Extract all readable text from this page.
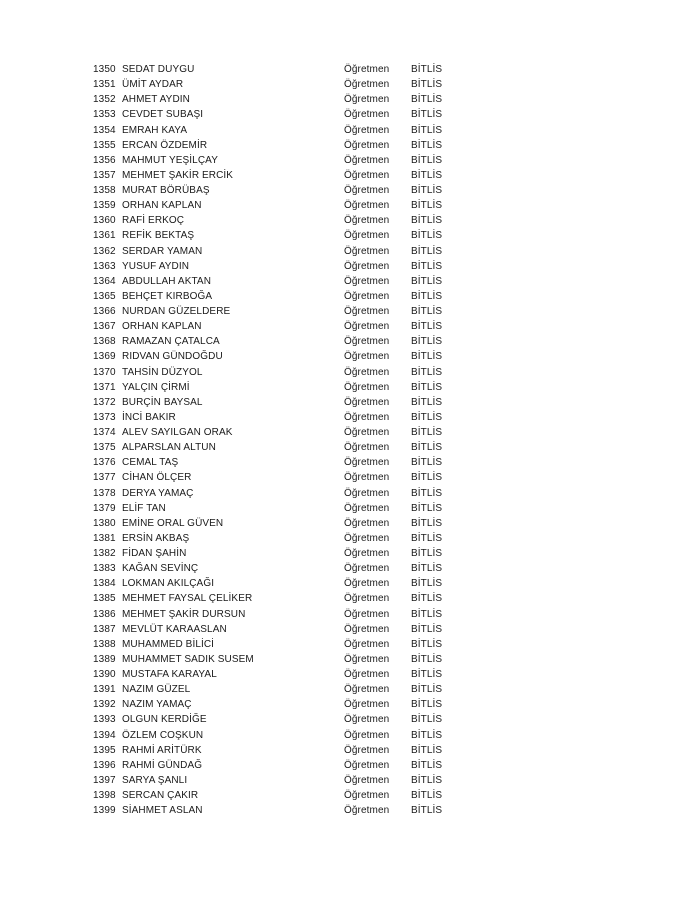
1350 SEDAT DUYGU	Öğretmen BİTLİS
1351 ÜMİT AYDAR	Öğretmen BİTLİS
1352 AHMET AYDIN	Öğretmen BİTLİS
1353 CEVDET SUBAŞI	Öğretmen BİTLİS
1354 EMRAH KAYA	Öğretmen BİTLİS
1355 ERCAN ÖZDEMİR	Öğretmen BİTLİS
1356 MAHMUT YEŞİLÇAY	Öğretmen BİTLİS
1357 MEHMET ŞAKİR ERCİK	Öğretmen BİTLİS
1358 MURAT BÖRÜBAŞ	Öğretmen BİTLİS
1359 ORHAN KAPLAN	Öğretmen BİTLİS
1360 RAFİ ERKOÇ	Öğretmen BİTLİS
1361 REFİK BEKTAŞ	Öğretmen BİTLİS
1362 SERDAR YAMAN	Öğretmen BİTLİS
1363 YUSUF AYDIN	Öğretmen BİTLİS
1364 ABDULLAH AKTAN	Öğretmen BİTLİS
1365 BEHÇET KIRBOĞA	Öğretmen BİTLİS
1366 NURDAN GÜZELDERE	Öğretmen BİTLİS
1367 ORHAN KAPLAN	Öğretmen BİTLİS
1368 RAMAZAN ÇATALCA	Öğretmen BİTLİS
1369 RIDVAN GÜNDOĞDU	Öğretmen BİTLİS
1370 TAHSİN DÜZYOL	Öğretmen BİTLİS
1371 YALÇIN ÇİRMİ	Öğretmen BİTLİS
1372 BURÇİN BAYSAL	Öğretmen BİTLİS
1373 İNCİ BAKIR	Öğretmen BİTLİS
1374 ALEV SAYILGAN ORAK	Öğretmen BİTLİS
1375 ALPARSLAN ALTUN	Öğretmen BİTLİS
1376 CEMAL TAŞ	Öğretmen BİTLİS
1377 CİHAN ÖLÇER	Öğretmen BİTLİS
1378 DERYA YAMAÇ	Öğretmen BİTLİS
1379 ELİF TAN	Öğretmen BİTLİS
1380 EMİNE ORAL GÜVEN	Öğretmen BİTLİS
1381 ERSİN AKBAŞ	Öğretmen BİTLİS
1382 FİDAN ŞAHİN	Öğretmen BİTLİS
1383 KAĞAN SEVİNÇ	Öğretmen BİTLİS
1384 LOKMAN AKILÇAĞI	Öğretmen BİTLİS
1385 MEHMET FAYSAL ÇELİKER	Öğretmen BİTLİS
1386 MEHMET ŞAKİR DURSUN	Öğretmen BİTLİS
1387 MEVLÜT KARAASLAN	Öğretmen BİTLİS
1388 MUHAMMED BİLİCİ	Öğretmen BİTLİS
1389 MUHAMMET SADIK SUSEM	Öğretmen BİTLİS
1390 MUSTAFA KARAYAL	Öğretmen BİTLİS
1391 NAZIM GÜZEL	Öğretmen BİTLİS
1392 NAZIM YAMAÇ	Öğretmen BİTLİS
1393 OLGUN KERDİĞE	Öğretmen BİTLİS
1394 ÖZLEM COŞKUN	Öğretmen BİTLİS
1395 RAHMİ ARİTÜRK	Öğretmen BİTLİS
1396 RAHMİ GÜNDAĞ	Öğretmen BİTLİS
1397 SARYA ŞANLI	Öğretmen BİTLİS
1398 SERCAN ÇAKIR	Öğretmen BİTLİS
1399 SİAHMET ASLAN	Öğretmen BİTLİS
